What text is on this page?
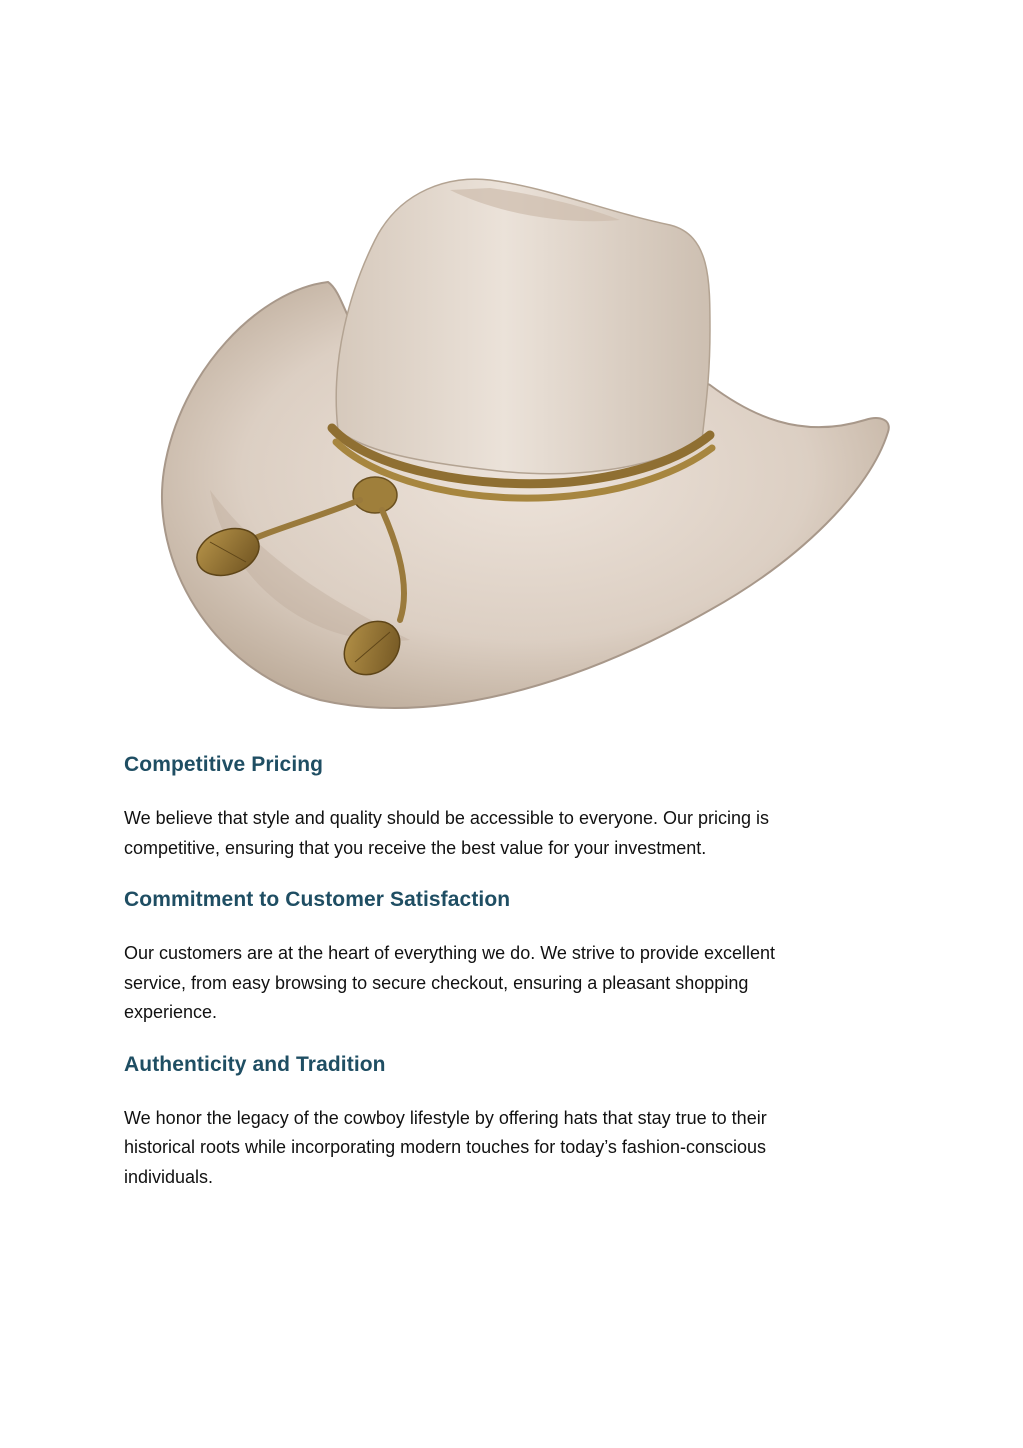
Competitive Pricing

We believe that style and quality should be accessible to everyone. Our pricing is
competitive, ensuring that you receive the best value for your investment.

Commitment to Customer Satisfaction

Our customers are at the heart of everything we do. We strive to provide excellent
service, from easy browsing to secure checkout, ensuring a pleasant shopping
experience.

Authenticity and Tradition

We honor the legacy of the cowboy lifestyle by offering hats that stay true to their
historical roots while incorporating modern touches for today’s fashion-conscious
individuals.
